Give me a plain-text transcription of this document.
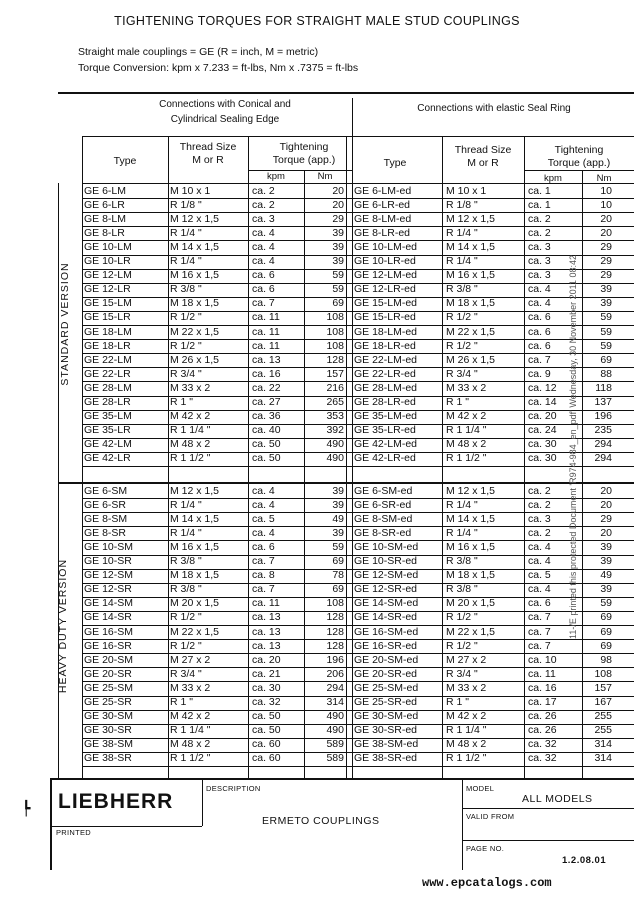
TIGHTENING TORQUES FOR STRAIGHT MALE STUD COUPLINGS
Straight male couplings = GE (R = inch, M = metric)
Torque Conversion: kpm x 7.233 = ft-lbs, Nm x .7375 = ft-lbs
Connections with Conical and
Cylindrical Sealing Edge
Connections with elastic Seal Ring
Type
Thread Size
M or R
Tightening
Torque (app.)
kpm	Nm
Type
Thread Size
M or R
Tightening
Torque (app.)
kpm	Nm
STANDARD VERSION
HEAVY DUTY VERSION
GE 6-LM	M 10 x 1	ca. 2	20 GE 6-LM-ed	M 10 x 1	ca. 1	10
GE 6-LR	R 1/8 "	ca. 2	20 GE 6-LR-ed	R 1/8 "	ca. 1	10
GE 8-LM	M 12 x 1,5	ca. 3	29 GE 8-LM-ed	M 12 x 1,5	ca. 2	20
GE 8-LR	R 1/4 "	ca. 4	39 GE 8-LR-ed	R 1/4 "	ca. 2	20
GE 10-LM	M 14 x 1,5	ca. 4	39 GE 10-LM-ed	M 14 x 1,5	ca. 3	29
GE 10-LR	R 1/4 "	ca. 4	39 GE 10-LR-ed	R 1/4 "	ca. 3	29
GE 12-LM	M 16 x 1,5	ca. 6	59 GE 12-LM-ed	M 16 x 1,5	ca. 3	29
GE 12-LR	R 3/8 "	ca. 6	59 GE 12-LR-ed	R 3/8 "	ca. 4	39
GE 15-LM	M 18 x 1,5	ca. 7	69 GE 15-LM-ed	M 18 x 1,5	ca. 4	39
GE 15-LR	R 1/2 "	ca. 11	108 GE 15-LR-ed	R 1/2 "	ca. 6	59
GE 18-LM	M 22 x 1,5	ca. 11	108 GE 18-LM-ed	M 22 x 1,5	ca. 6	59
GE 18-LR	R 1/2 "	ca. 11	108 GE 18-LR-ed	R 1/2 "	ca. 6	59
GE 22-LM	M 26 x 1,5	ca. 13	128 GE 22-LM-ed	M 26 x 1,5	ca. 7	69
GE 22-LR	R 3/4 "	ca. 16	157 GE 22-LR-ed	R 3/4 "	ca. 9	88
GE 28-LM	M 33 x 2	ca. 22	216 GE 28-LM-ed	M 33 x 2	ca. 12	118
GE 28-LR	R 1 "	ca. 27	265 GE 28-LR-ed	R 1 "	ca. 14	137
GE 35-LM	M 42 x 2	ca. 36	353 GE 35-LM-ed	M 42 x 2	ca. 20	196
GE 35-LR	R 1 1/4 "	ca. 40	392 GE 35-LR-ed	R 1 1/4 "	ca. 24	235
GE 42-LM	M 48 x 2	ca. 50	490 GE 42-LM-ed	M 48 x 2	ca. 30	294
GE 42-LR	R 1 1/2 "	ca. 50	490 GE 42-LR-ed	R 1 1/2 "	ca. 30	294
GE 6-SM	M 12 x 1,5	ca. 4	39 GE 6-SM-ed	M 12 x 1,5	ca. 2	20
GE 6-SR	R 1/4 "	ca. 4	39 GE 6-SR-ed	R 1/4 "	ca. 2	20
GE 8-SM	M 14 x 1,5	ca. 5	49 GE 8-SM-ed	M 14 x 1,5	ca. 3	29
GE 8-SR	R 1/4 "	ca. 4	39 GE 8-SR-ed	R 1/4 "	ca. 2	20
GE 10-SM	M 16 x 1,5	ca. 6	59 GE 10-SM-ed	M 16 x 1,5	ca. 4	39
GE 10-SR	R 3/8 "	ca. 7	69 GE 10-SR-ed	R 3/8 "	ca. 4	39
GE 12-SM	M 18 x 1,5	ca. 8	78 GE 12-SM-ed	M 18 x 1,5	ca. 5	49
GE 12-SR	R 3/8 "	ca. 7	69 GE 12-SR-ed	R 3/8 "	ca. 4	39
GE 14-SM	M 20 x 1,5	ca. 11	108 GE 14-SM-ed	M 20 x 1,5	ca. 6	59
GE 14-SR	R 1/2 "	ca. 13	128 GE 14-SR-ed	R 1/2 "	ca. 7	69
GE 16-SM	M 22 x 1,5	ca. 13	128 GE 16-SM-ed	M 22 x 1,5	ca. 7	69
GE 16-SR	R 1/2 "	ca. 13	128 GE 16-SR-ed	R 1/2 "	ca. 7	69
GE 20-SM	M 27 x 2	ca. 20	196 GE 20-SM-ed	M 27 x 2	ca. 10	98
GE 20-SR	R 3/4 "	ca. 21	206 GE 20-SR-ed	R 3/4 "	ca. 11	108
GE 25-SM	M 33 x 2	ca. 30	294 GE 25-SM-ed	M 33 x 2	ca. 16	157
GE 25-SR	R 1 "	ca. 32	314 GE 25-SR-ed	R 1 "	ca. 17	167
GE 30-SM	M 42 x 2	ca. 50	490 GE 30-SM-ed	M 42 x 2	ca. 26	255
GE 30-SR	R 1 1/4 "	ca. 50	490 GE 30-SR-ed	R 1 1/4 "	ca. 26	255
GE 38-SM	M 48 x 2	ca. 60	589 GE 38-SM-ed	M 48 x 2	ca. 32	314
GE 38-SR	R 1 1/2 "	ca. 60	589 GE 38-SR-ed	R 1 1/2 "	ca. 32	314
11-/E printed this protected Document 'R974-984_en_pdf' Wednesday, 30 November 2011 08:42
┡ LIEBHERR
DESCRIPTION
ERMETO COUPLINGS
MODEL
ALL MODELS
VALID FROM
PRINTED
PAGE NO.
1.2.08.01
www.epcatalogs.com
